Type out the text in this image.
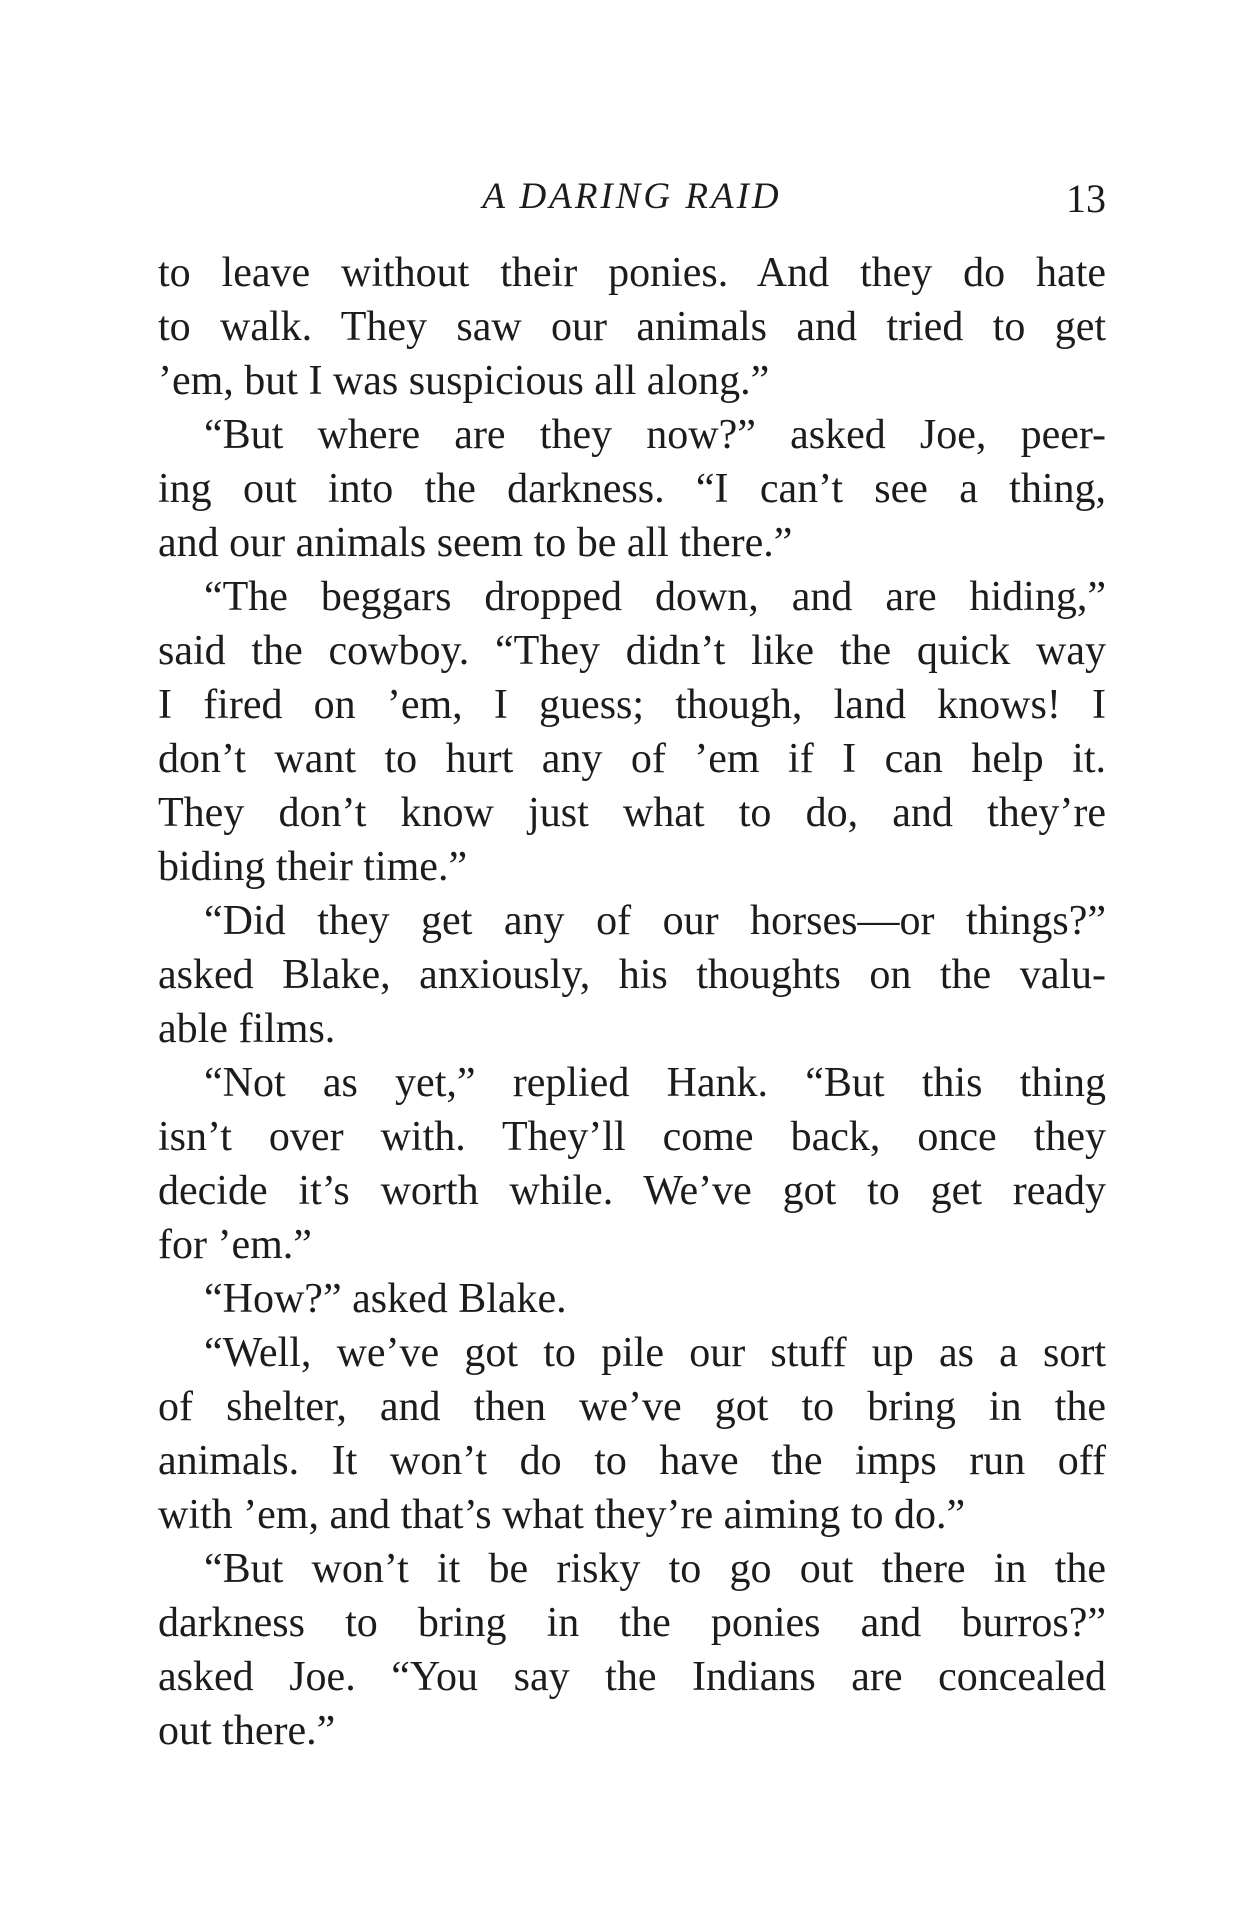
A DARING RAID	13
to leave without their ponies. And they do hate
to walk. They saw our animals and tried to get
’em, but I was suspicious all along.”
“But where are they now?” asked Joe, peer-
ing out into the darkness. “I can’t see a thing,
and our animals seem to be all there.”
“The beggars dropped down, and are hiding,”
said the cowboy. “They didn’t like the quick way
I fired on ’em, I guess; though, land knows! I
don’t want to hurt any of ’em if I can help it.
They don’t know just what to do, and they’re
biding their time.”
“Did they get any of our horses—or things?”
asked Blake, anxiously, his thoughts on the valu-
able films.
“Not as yet,” replied Hank. “But this thing
isn’t over with. They’ll come back, once they
decide it’s worth while. We’ve got to get ready
for ’em.”
“How?” asked Blake.
“Well, we’ve got to pile our stuff up as a sort
of shelter, and then we’ve got to bring in the
animals. It won’t do to have the imps run off
with ’em, and that’s what they’re aiming to do.”
“But won’t it be risky to go out there in the
darkness to bring in the ponies and burros?”
asked Joe. “You say the Indians are concealed
out there.”
